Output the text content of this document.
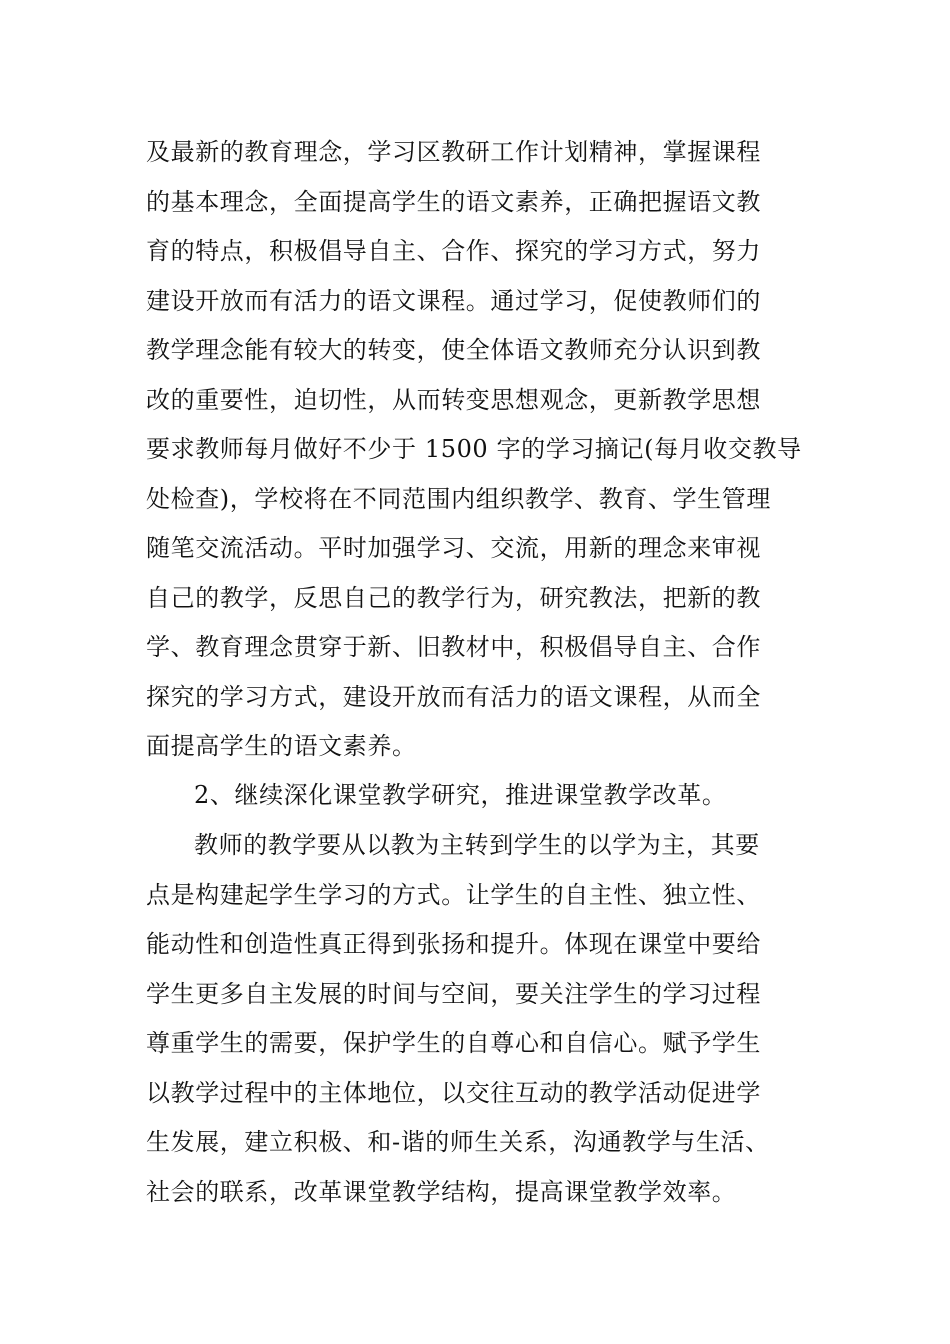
及最新的教育理念，学习区教研工作计划精神，掌握课程
的基本理念，全面提高学生的语文素养，正确把握语文教
育的特点，积极倡导自主、合作、探究的学习方式，努力
建设开放而有活力的语文课程。通过学习，促使教师们的
教学理念能有较大的转变，使全体语文教师充分认识到教
改的重要性，迫切性，从而转变思想观念，更新教学思想
要求教师每月做好不少于 1500 字的学习摘记(每月收交教导
处检查)，学校将在不同范围内组织教学、教育、学生管理
随笔交流活动。平时加强学习、交流，用新的理念来审视
自己的教学，反思自己的教学行为，研究教法，把新的教
学、教育理念贯穿于新、旧教材中，积极倡导自主、合作
探究的学习方式，建设开放而有活力的语文课程，从而全
面提高学生的语文素养。
2、继续深化课堂教学研究，推进课堂教学改革。
教师的教学要从以教为主转到学生的以学为主，其要
点是构建起学生学习的方式。让学生的自主性、独立性、
能动性和创造性真正得到张扬和提升。体现在课堂中要给
学生更多自主发展的时间与空间，要关注学生的学习过程
尊重学生的需要，保护学生的自尊心和自信心。赋予学生
以教学过程中的主体地位，以交往互动的教学活动促进学
生发展，建立积极、和-谐的师生关系，沟通教学与生活、
社会的联系，改革课堂教学结构，提高课堂教学效率。
